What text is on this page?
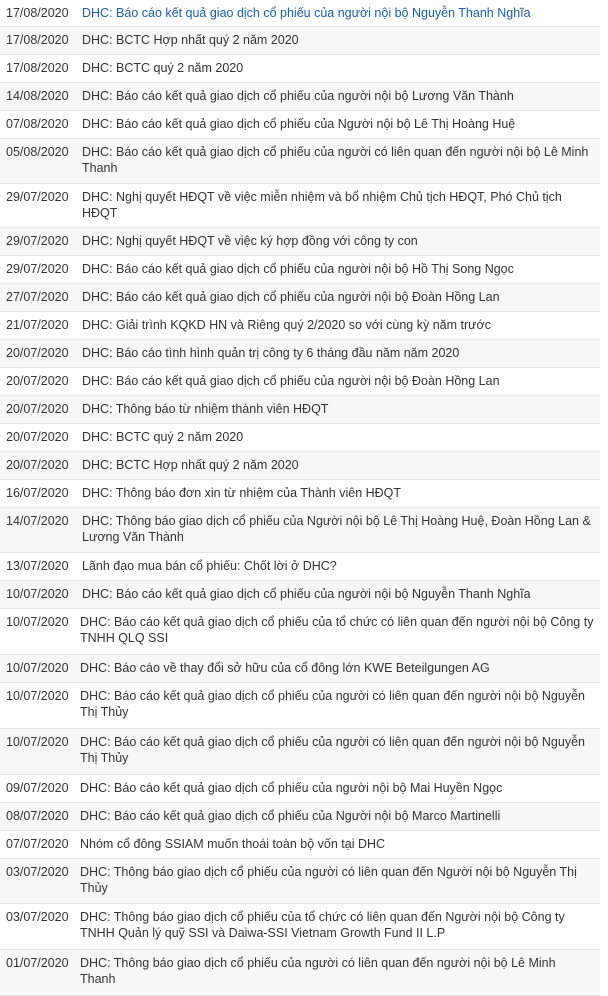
17/08/2020 DHC: Báo cáo kết quả giao dịch cổ phiếu của người nội bộ Nguyễn Thanh Nghĩa
17/08/2020 DHC: BCTC Hợp nhất quý 2 năm 2020
17/08/2020 DHC: BCTC quý 2 năm 2020
14/08/2020 DHC: Báo cáo kết quả giao dịch cổ phiếu của người nội bộ Lương Văn Thành
07/08/2020 DHC: Báo cáo kết quả giao dịch cổ phiếu của Người nội bộ Lê Thị Hoàng Huệ
05/08/2020 DHC: Báo cáo kết quả giao dịch cổ phiếu của người có liên quan đến người nội bộ Lê Minh Thanh
29/07/2020 DHC: Nghị quyết HĐQT về việc miễn nhiệm và bổ nhiệm Chủ tịch HĐQT, Phó Chủ tịch HĐQT
29/07/2020 DHC: Nghị quyết HĐQT về việc ký hợp đồng với công ty con
29/07/2020 DHC: Báo cáo kết quả giao dịch cổ phiếu của người nội bộ Hồ Thị Song Ngọc
27/07/2020 DHC: Báo cáo kết quả giao dịch cổ phiếu của người nội bộ Đoàn Hồng Lan
21/07/2020 DHC: Giải trình KQKD HN và Riêng quý 2/2020 so với cùng kỳ năm trước
20/07/2020 DHC: Báo cáo tình hình quản trị công ty 6 tháng đầu năm năm 2020
20/07/2020 DHC: Báo cáo kết quả giao dịch cổ phiếu của người nội bộ Đoàn Hồng Lan
20/07/2020 DHC: Thông báo từ nhiệm thành viên HĐQT
20/07/2020 DHC: BCTC quý 2 năm 2020
20/07/2020 DHC: BCTC Hợp nhất quý 2 năm 2020
16/07/2020 DHC: Thông báo đơn xin từ nhiệm của Thành viên HĐQT
14/07/2020 DHC: Thông báo giao dịch cổ phiếu của Người nội bộ Lê Thị Hoàng Huệ, Đoàn Hồng Lan & Lương Văn Thành
13/07/2020 Lãnh đạo mua bán cổ phiếu: Chốt lời ở DHC?
10/07/2020 DHC: Báo cáo kết quả giao dịch cổ phiếu của người nội bộ Nguyễn Thanh Nghĩa
10/07/2020 DHC: Báo cáo kết quả giao dịch cổ phiếu của tổ chức có liên quan đến người nội bộ Công ty TNHH QLQ SSI
10/07/2020 DHC: Báo cáo về thay đổi sở hữu của cổ đông lớn KWE Beteilgungen AG
10/07/2020 DHC: Báo cáo kết quả giao dịch cổ phiếu của người có liên quan đến người nội bộ Nguyễn Thị Thủy
10/07/2020 DHC: Báo cáo kết quả giao dịch cổ phiếu của người có liên quan đến người nội bộ Nguyễn Thị Thủy
09/07/2020 DHC: Báo cáo kết quả giao dịch cổ phiếu của người nội bộ Mai Huyền Ngọc
08/07/2020 DHC: Báo cáo kết quả giao dịch cổ phiếu của Người nội bộ Marco Martinelli
07/07/2020 Nhóm cổ đông SSIAM muốn thoái toàn bộ vốn tại DHC
03/07/2020 DHC: Thông báo giao dịch cổ phiếu của người có liên quan đến Người nội bộ Nguyễn Thị Thủy
03/07/2020 DHC: Thông báo giao dịch cổ phiếu của tổ chức có liên quan đến Người nội bộ Công ty TNHH Quản lý quỹ SSI và Daiwa-SSI Vietnam Growth Fund II L.P
01/07/2020 DHC: Thông báo giao dịch cổ phiếu của người có liên quan đến người nội bộ Lê Minh Thanh
